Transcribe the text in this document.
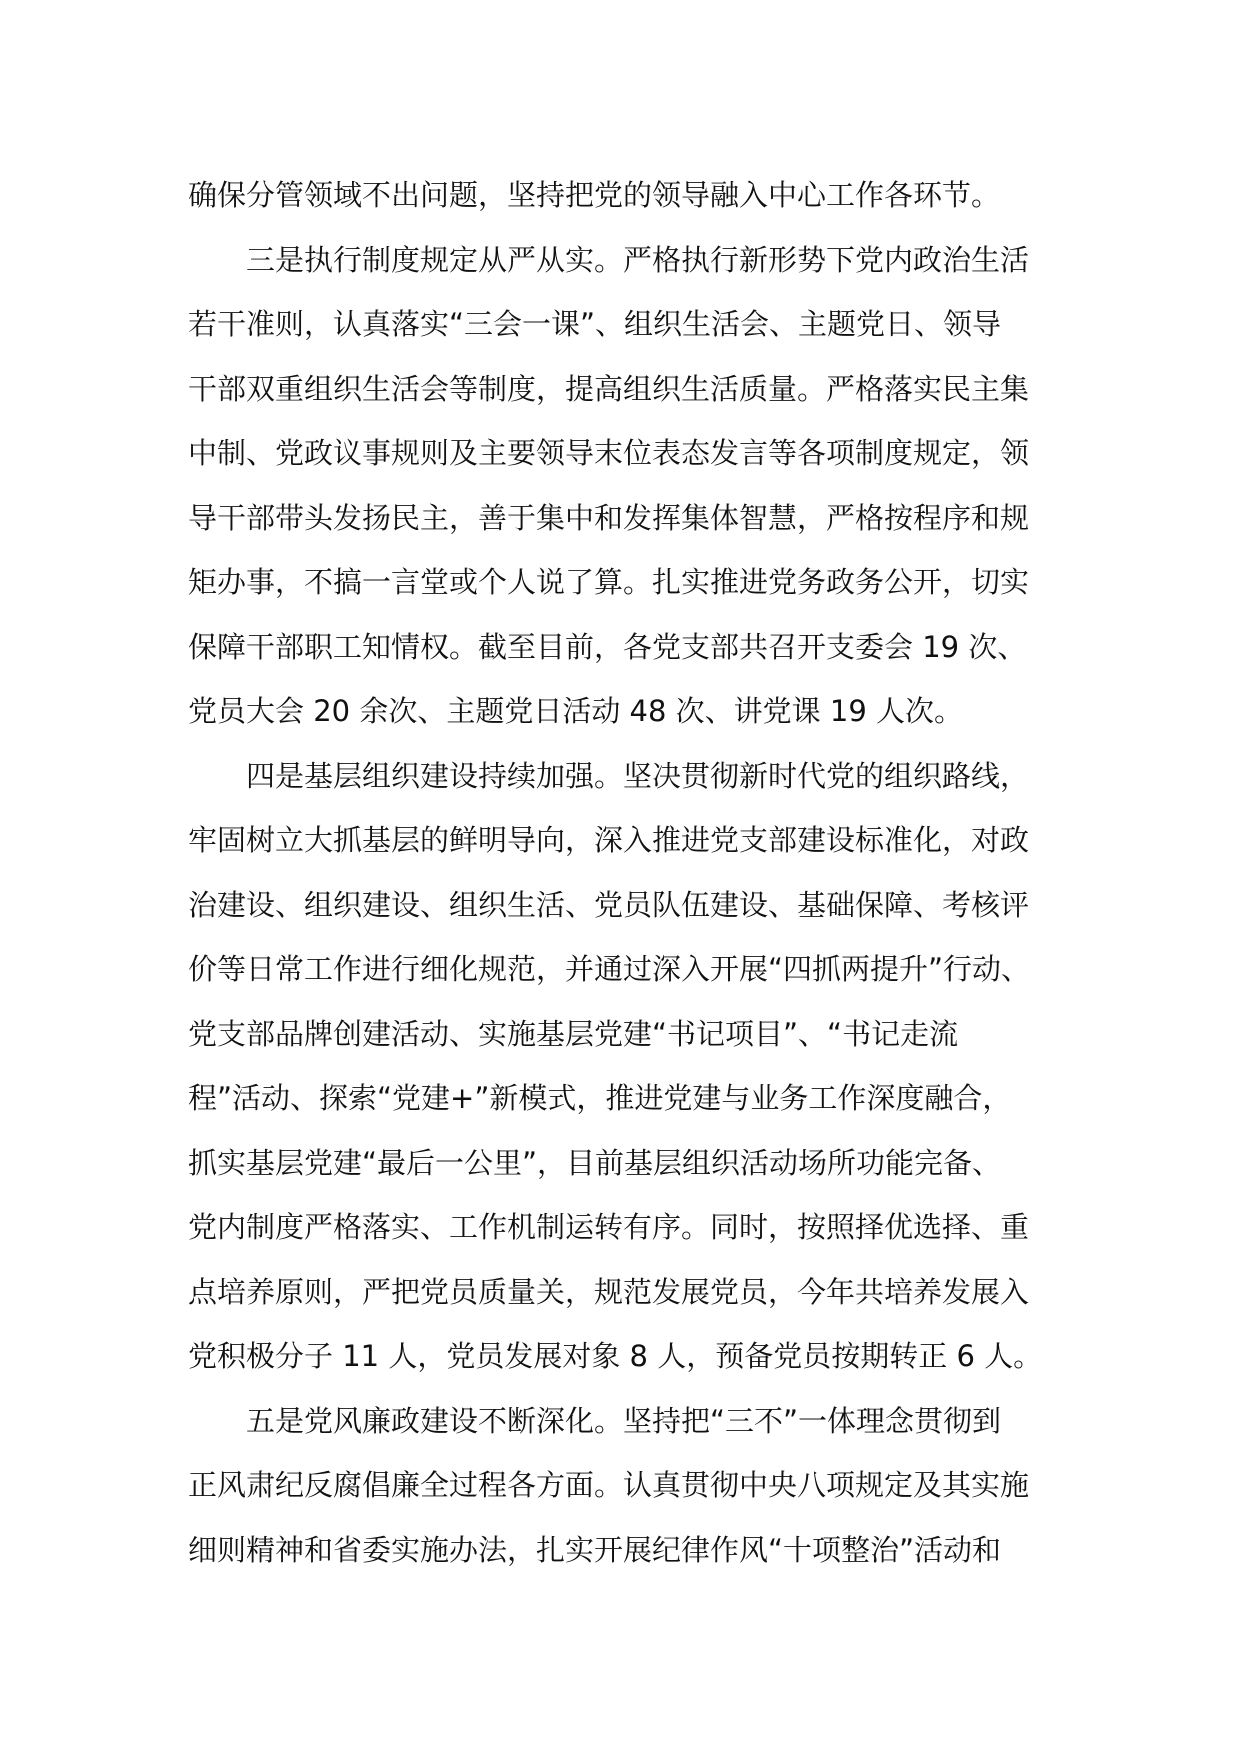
确保分管领域不出问题，坚持把党的领导融入中心工作各环节。
三是执行制度规定从严从实。严格执行新形势下党内政治生活
若干准则，认真落实“三会一课”、组织生活会、主题党日、领导
干部双重组织生活会等制度，提高组织生活质量。严格落实民主集
中制、党政议事规则及主要领导末位表态发言等各项制度规定，领
导干部带头发扬民主，善于集中和发挥集体智慧，严格按程序和规
矩办事，不搞一言堂或个人说了算。扎实推进党务政务公开，切实
保障干部职工知情权。截至目前，各党支部共召开支委会 19 次、
党员大会 20 余次、主题党日活动 48 次、讲党课 19 人次。
四是基层组织建设持续加强。坚决贯彻新时代党的组织路线，
牢固树立大抓基层的鲜明导向，深入推进党支部建设标准化，对政
治建设、组织建设、组织生活、党员队伍建设、基础保障、考核评
价等日常工作进行细化规范，并通过深入开展“四抓两提升”行动、
党支部品牌创建活动、实施基层党建“书记项目”、“书记走流
程”活动、探索“党建+”新模式，推进党建与业务工作深度融合，
抓实基层党建“最后一公里”，目前基层组织活动场所功能完备、
党内制度严格落实、工作机制运转有序。同时，按照择优选择、重
点培养原则，严把党员质量关，规范发展党员，今年共培养发展入
党积极分子 11 人，党员发展对象 8 人，预备党员按期转正 6 人。
五是党风廉政建设不断深化。坚持把“三不”一体理念贯彻到
正风肃纪反腐倡廉全过程各方面。认真贯彻中央八项规定及其实施
细则精神和省委实施办法，扎实开展纪律作风“十项整治”活动和
